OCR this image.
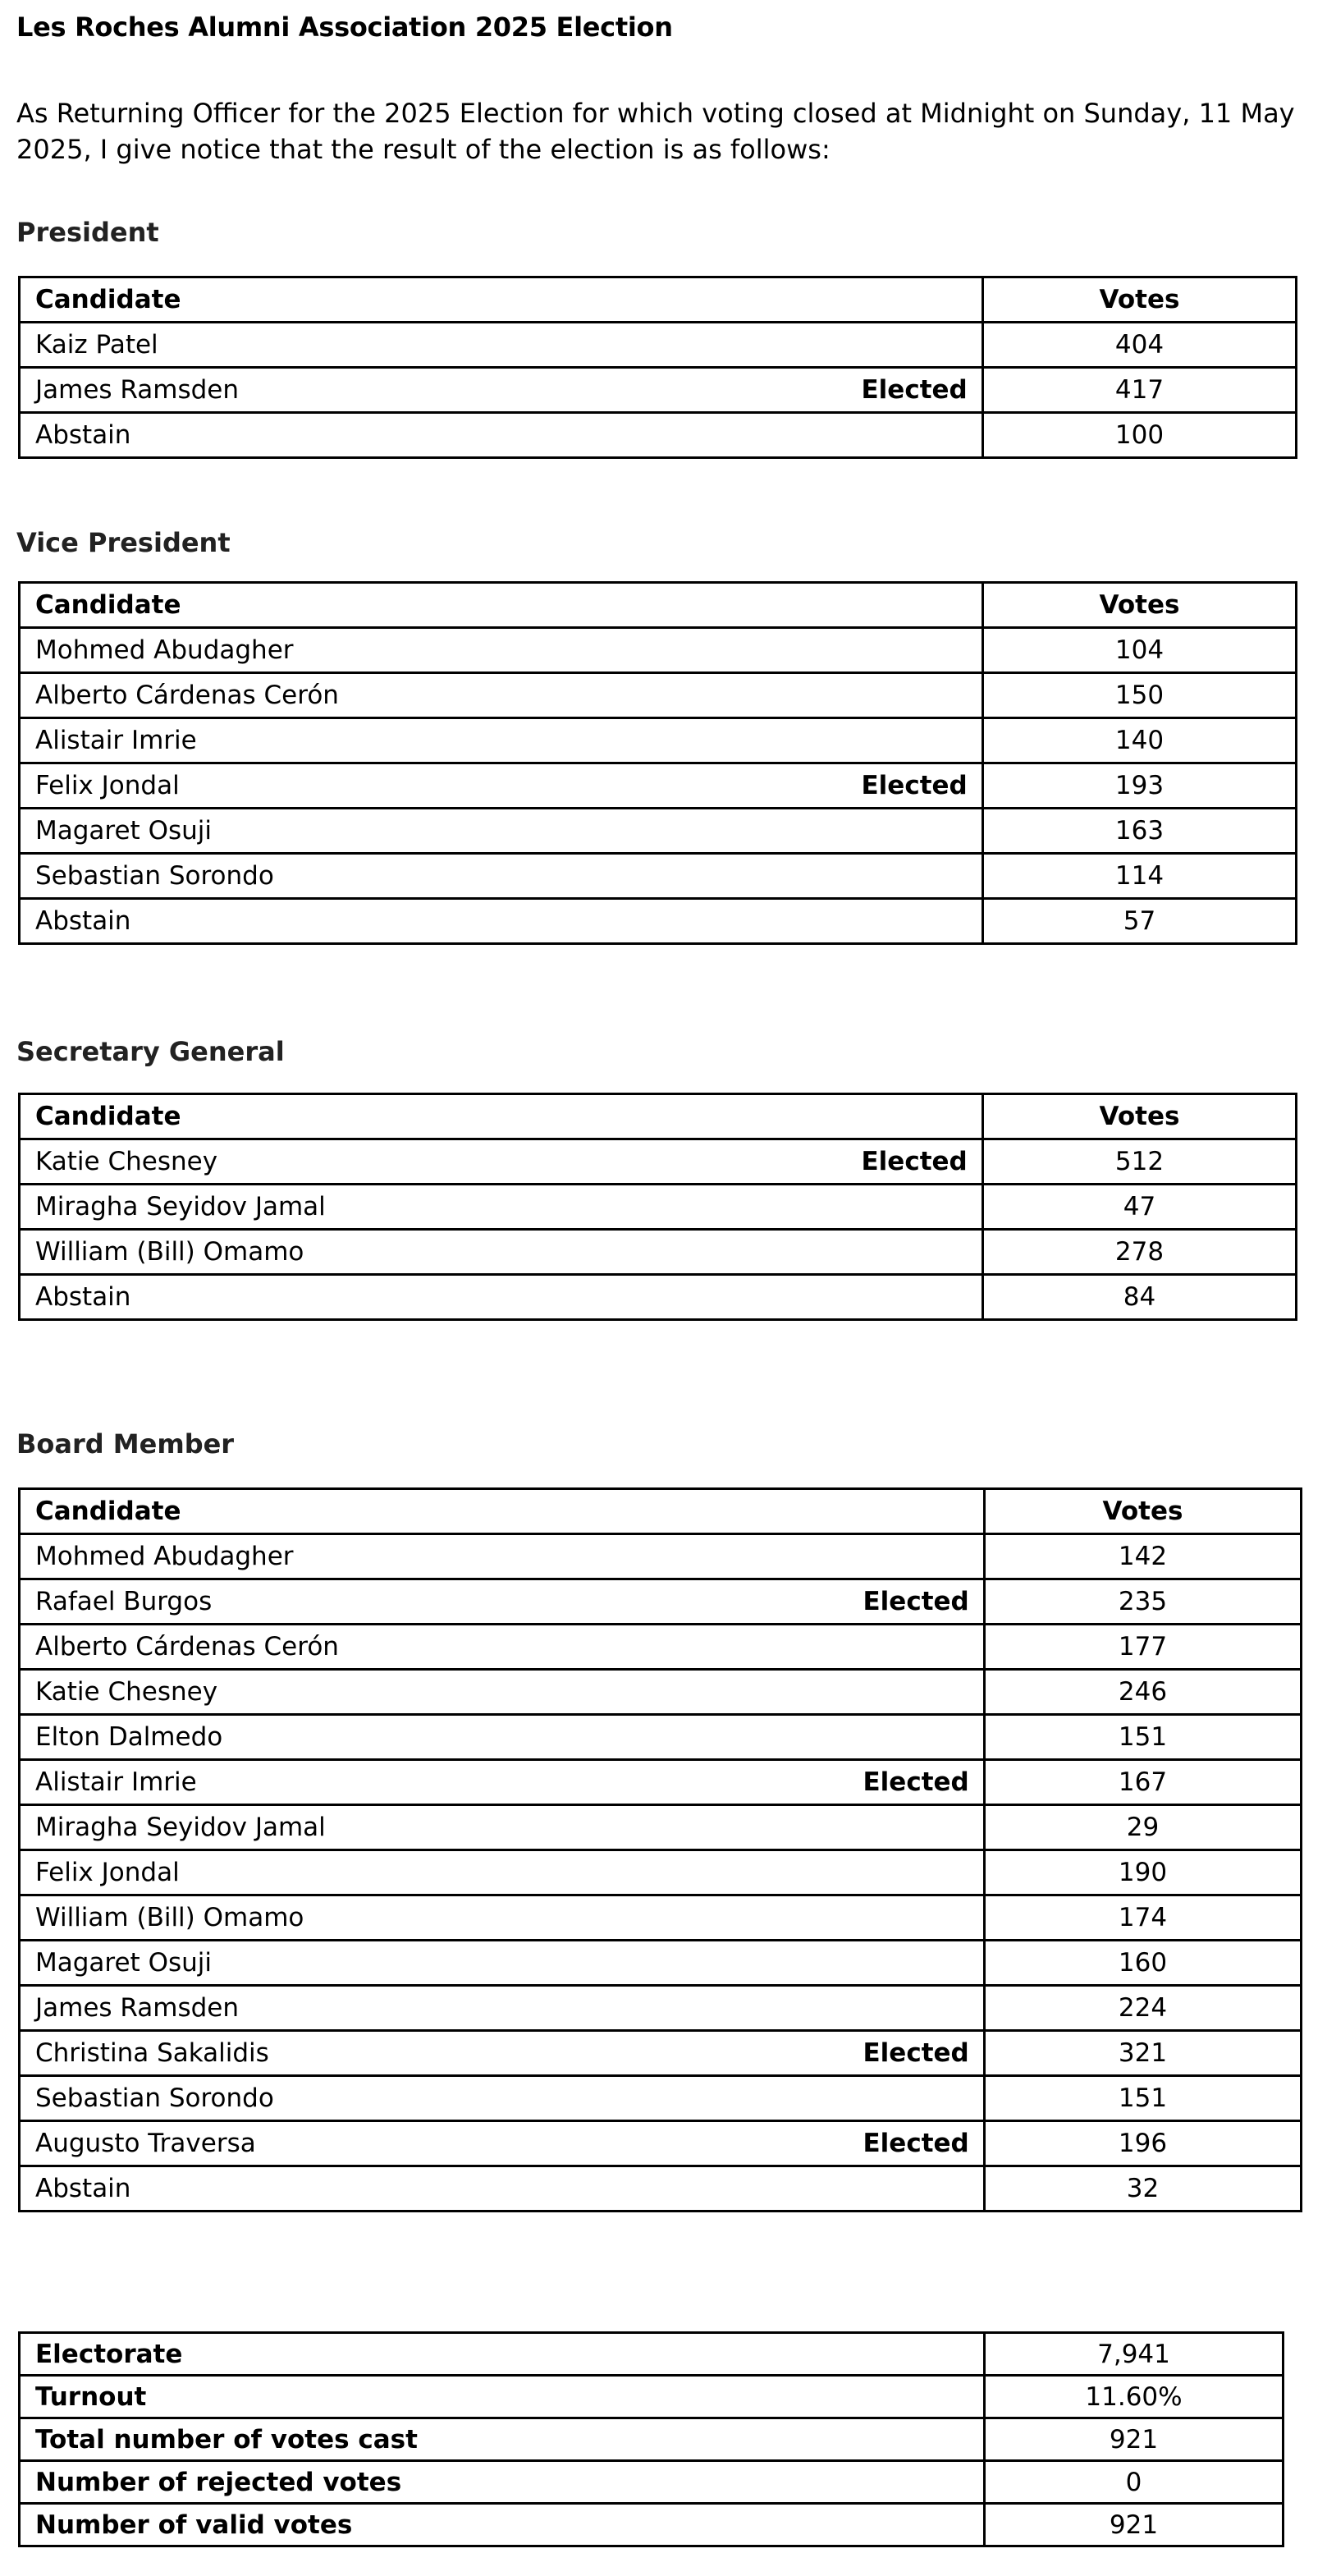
Les Roches Alumni Association 2025 Election
As Returning Officer for the 2025 Election for which voting closed at Midnight on Sunday, 11 May 2025, I give notice that the result of the election is as follows:
President
Candidate		Votes
Kaiz Patel		404
James Ramsden	Elected	417
Abstain		100
Vice President
Candidate		Votes
Mohmed Abudagher		104
Alberto Cárdenas Cerón		150
Alistair Imrie		140
Felix Jondal	Elected	193
Magaret Osuji		163
Sebastian Sorondo		114
Abstain		57
Secretary General
Candidate		Votes
Katie Chesney	Elected	512
Miragha Seyidov Jamal		47
William (Bill) Omamo		278
Abstain		84
Board Member
Candidate		Votes
Mohmed Abudagher		142
Rafael Burgos	Elected	235
Alberto Cárdenas Cerón		177
Katie Chesney		246
Elton Dalmedo		151
Alistair Imrie	Elected	167
Miragha Seyidov Jamal		29
Felix Jondal		190
William (Bill) Omamo		174
Magaret Osuji		160
James Ramsden		224
Christina Sakalidis	Elected	321
Sebastian Sorondo		151
Augusto Traversa	Elected	196
Abstain		32
Electorate	7,941
Turnout	11.60%
Total number of votes cast	921
Number of rejected votes	0
Number of valid votes	921
